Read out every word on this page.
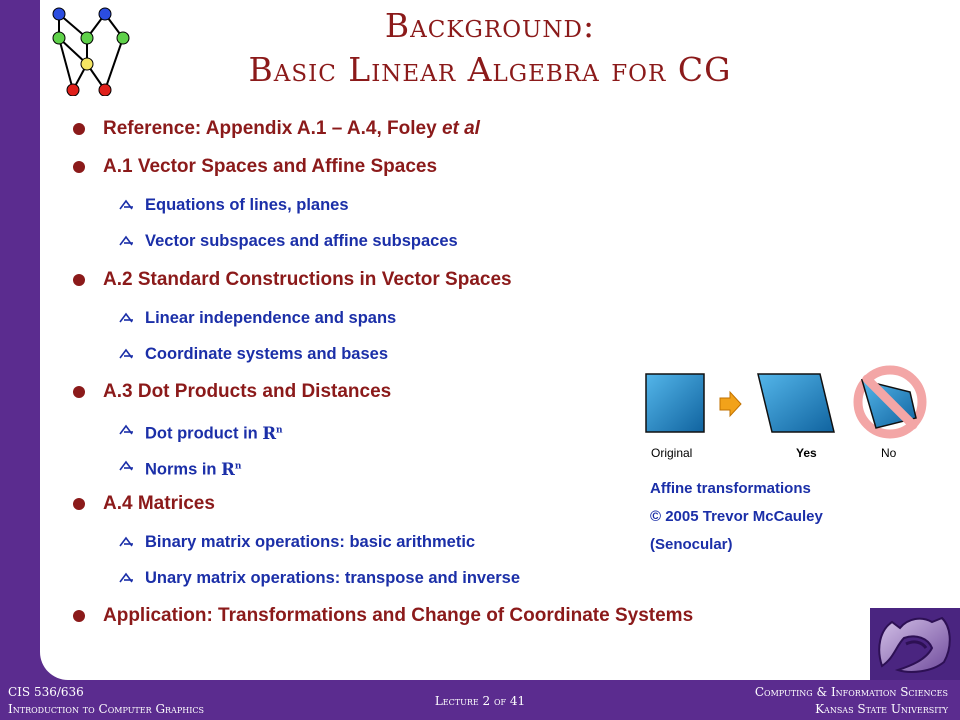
Background:
Basic Linear Algebra for CG
Reference: Appendix A.1 – A.4, Foley et al
A.1 Vector Spaces and Affine Spaces
Equations of lines, planes
Vector subspaces and affine subspaces
A.2 Standard Constructions in Vector Spaces
Linear independence and spans
Coordinate systems and bases
A.3 Dot Products and Distances
Dot product in $R^n$
Norms in $R^n$
A.4 Matrices
Binary matrix operations: basic arithmetic
Unary matrix operations: transpose and inverse
Application: Transformations and Change of Coordinate Systems
Original	Yes	No
Affine transformations
© 2005 Trevor McCauley
(Senocular)
CIS 536/636
Introduction to Computer Graphics
Lecture 2 of 41
Computing & Information Sciences
Kansas State University
